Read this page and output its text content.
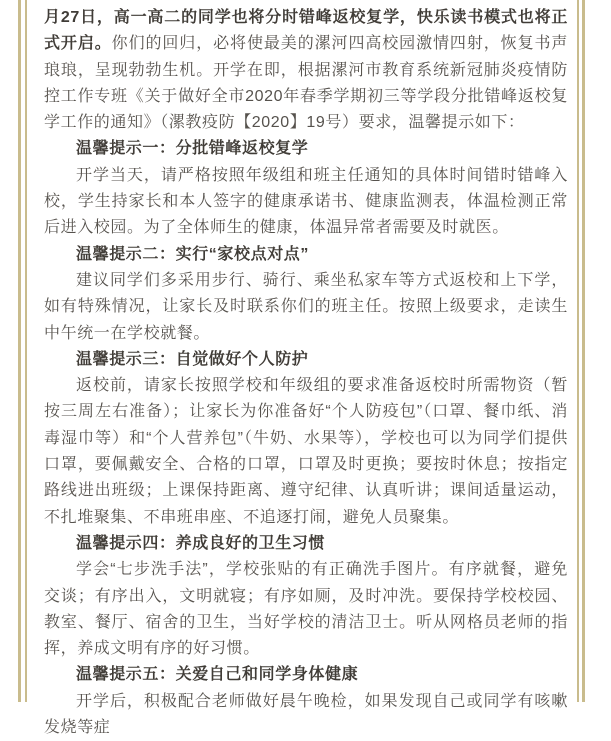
月27日，高一高二的同学也将分时错峰返校复学，快乐读书模式也将正式开启。你们的回归，必将使最美的漯河四高校园激情四射，恢复书声琅琅，呈现勃勃生机。开学在即，根据漯河市教育系统新冠肺炎疫情防控工作专班《关于做好全市2020年春季学期初三等学段分批错峰返校复学工作的通知》（漯教疫防【2020】19号）要求，温馨提示如下：

温馨提示一：分批错峰返校复学

开学当天，请严格按照年级组和班主任通知的具体时间错时错峰入校，学生持家长和本人签字的健康承诺书、健康监测表，体温检测正常后进入校园。为了全体师生的健康，体温异常者需要及时就医。

温馨提示二：实行“家校点对点”

建议同学们多采用步行、骑行、乘坐私家车等方式返校和上下学，如有特殊情况，让家长及时联系你们的班主任。按照上级要求，走读生中午统一在学校就餐。

温馨提示三：自觉做好个人防护

返校前，请家长按照学校和年级组的要求准备返校时所需物资（暂按三周左右准备）；让家长为你准备好“个人防疫包”（口罩、餐巾纸、消毒湿巾等）和“个人营养包”（牛奶、水果等），学校也可以为同学们提供口罩，要佩戴安全、合格的口罩，口罩及时更换；要按时休息；按指定路线进出班级；上课保持距离、遵守纪律、认真听讲；课间适量运动，不扎堆聚集、不串班串座、不追逐打闹，避免人员聚集。

温馨提示四：养成良好的卫生习惯

学会“七步洗手法”，学校张贴的有正确洗手图片。有序就餐，避免交谈；有序出入，文明就寝；有序如厕，及时冲洗。要保持学校校园、教室、餐厅、宿舍的卫生，当好学校的清洁卫士。听从网格员老师的指挥，养成文明有序的好习惯。

温馨提示五：关爱自己和同学身体健康

开学后，积极配合老师做好晨午晚检，如果发现自己或同学有咳嗽发烧等症
